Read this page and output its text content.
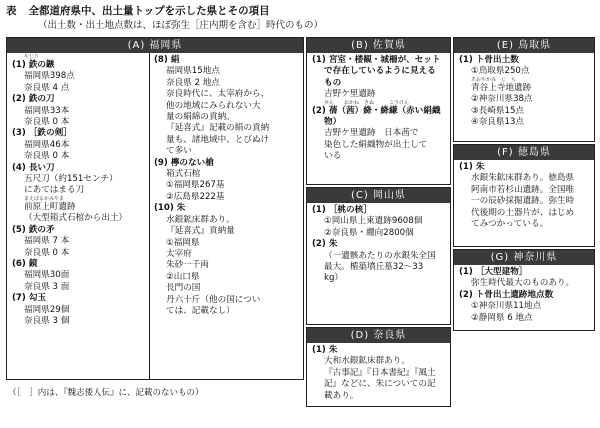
表 全都道府県中、出土量トップを示した県とその項目
（出土数・出土地点数は、ほぼ弥生［庄内期を含む］時代のもの）
(A) 福岡県
やじり
(1) 鉄の鏃
福岡県398点
奈良県 4 点
(2) 鉄の刀
福岡県33本
奈良県 0 本
(3) ［鉄の剣］
福岡県46本
奈良県 0 本
(4) 長い刀
五尺刀（約151センチ）
にあてはまる刀
まえばるかみやま
前原上町遺跡
（大型箱式石棺から出土）
(5) 鉄の矛
福岡県 7 本
奈良県 0 本
(6) 鏡
福岡県30面
奈良県 3 面
(7) 勾玉
福岡県29個
奈良県 3 個
(8) 絹
福岡県15地点
奈良県 2 地点
奈良時代に、太宰府から、
他の地域にみられない大
量の絹綿の貢納。
『延喜式』記載の絹の貢納
量も、諸地域中、とびぬけ
て多い
(9) 檸のない槍
箱式石棺
①福岡県267基
②広島県222基
(10) 朱
水銀鉱床群あり。
『延喜式』貢納量
①福岡県
太宰府
朱砂一千両
②山口県
長門の国
丹六十斤（他の国につい
ては、記載なし）
(B) 佐賀県
(1) 宮室・楼観・城柵が、セット
で存在しているように見える
もの
吉野ケ里遺跡
せん　　おかね　きぬ　　　こうけん
(2) 蒨（茜）絳・絳縑（赤い絹織
物）
吉野ケ里遺跡　日本茜で
染色した絹織物が出土して
いる
(C) 岡山県
(1) ［桃の核］
①岡山県上東遺跡9608個
②奈良県・纒向2800個
(2) 朱
（一遺骸あたりの水銀朱全国
最大。楯築墳丘墓32〜33
kg）
(D) 奈良県
(1) 朱
大和水銀鉱床群あり。
『古事記』『日本書紀』『風土
記』などに、朱についての記
載あり。
(E) 鳥取県
(1) ト骨出土数
①鳥取県250点
あおやかみ　じ　ち
青谷上寺地遺跡
②神奈川県38点
③長崎県15点
④奈良県13点
(F) 徳島県
(1) 朱
水銀朱鉱床群あり。徳島県
阿南市若杉山遺跡。全国唯
一の辰砂採掘遺跡。弥生時
代後期の土器片が、はじめ
てみつかっている。
(G) 神奈川県
(1) ［大型建物］
弥生時代最大のものあり。
(2) ト骨出土遺跡地点数
①神奈川県11地点
②静岡県 6 地点
（［　］内は、『魏志倭人伝』に、記載のないもの）
